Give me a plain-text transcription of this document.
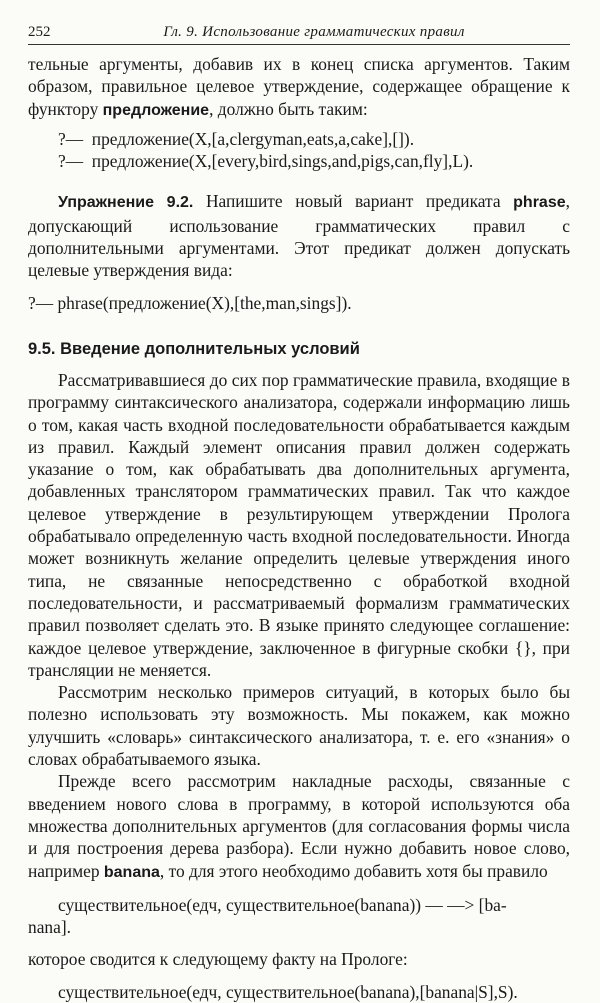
252	Гл. 9. Использование грамматических правил

тельные аргументы, добавив их в конец списка аргументов. Таким образом, правильное целевое утверждение, содержащее обращение к функтору предложение, должно быть таким:

?—  предложение(X,[a,clergyman,eats,a,cake],[]).
?—  предложение(X,[every,bird,sings,and,pigs,can,fly],L).

Упражнение 9.2. Напишите новый вариант предиката phrase, допускающий использование грамматических правил с дополнительными аргументами. Этот предикат должен допускать целевые утверждения вида:

?— phrase(предложение(X),[the,man,sings]).
9.5. Введение дополнительных условий

Рассматривавшиеся до сих пор грамматические правила, входящие в программу синтаксического анализатора, содержали информацию лишь о том, какая часть входной последовательности обрабатывается каждым из правил. Каждый элемент описания правил должен содержать указание о том, как обрабатывать два дополнительных аргумента, добавленных транслятором грамматических правил. Так что каждое целевое утверждение в результирующем утверждении Пролога обрабатывало определенную часть входной последовательности. Иногда может возникнуть желание определить целевые утверждения иного типа, не связанные непосредственно с обработкой входной последовательности, и рассматриваемый формализм грамматических правил позволяет сделать это. В языке принято следующее соглашение: каждое целевое утверждение, заключенное в фигурные скобки {}, при трансляции не меняется.

Рассмотрим несколько примеров ситуаций, в которых было бы полезно использовать эту возможность. Мы покажем, как можно улучшить «словарь» синтаксического анализатора, т. е. его «знания» о словах обрабатываемого языка.

Прежде всего рассмотрим накладные расходы, связанные с введением нового слова в программу, в которой используются оба множества дополнительных аргументов (для согласования формы числа и для построения дерева разбора). Если нужно добавить новое слово, например banana, то для этого необходимо добавить хотя бы правило

существительное(едч, существительное(banana)) — —> [ba-
nana].

которое сводится к следующему факту на Прологе:

существительное(едч, существительное(banana),[banana|S],S).
